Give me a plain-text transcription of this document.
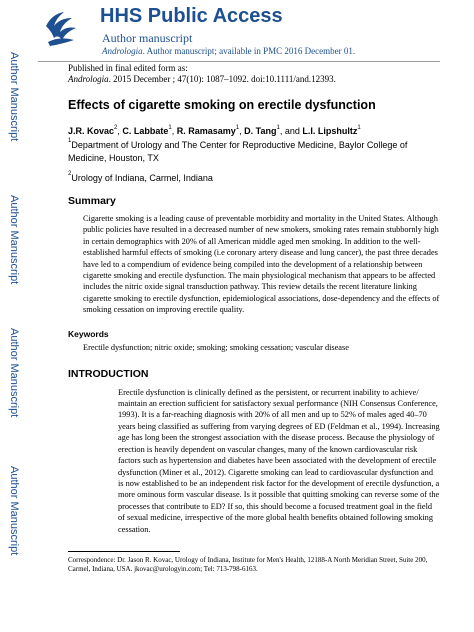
Author Manuscript
Author Manuscript
Author Manuscript
Author Manuscript
HHS Public Access
Author manuscript
Andrologia. Author manuscript; available in PMC 2016 December 01.
Published in final edited form as:
Andrologia. 2015 December ; 47(10): 1087–1092. doi:10.1111/and.12393.
Effects of cigarette smoking on erectile dysfunction
J.R. Kovac$^2$, C. Labbate$^1$, R. Ramasamy$^1$, D. Tang$^1$, and L.I. Lipshultz$^1$
$^1$Department of Urology and The Center for Reproductive Medicine, Baylor College of Medicine, Houston, TX
$^2$Urology of Indiana, Carmel, Indiana
Summary
Cigarette smoking is a leading cause of preventable morbidity and mortality in the United States. Although public policies have resulted in a decreased number of new smokers, smoking rates remain stubbornly high in certain demographics with 20% of all American middle aged men smoking. In addition to the well-established harmful effects of smoking (i.e coronary artery disease and lung cancer), the past three decades have led to a compendium of evidence being compiled into the development of a relationship between cigarette smoking and erectile dysfunction. The main physiological mechanism that appears to be affected includes the nitric oxide signal transduction pathway. This review details the recent literature linking cigarette smoking to erectile dysfunction, epidemiological associations, dose-dependency and the effects of smoking cessation on improving erectile quality.
Keywords
Erectile dysfunction; nitric oxide; smoking; smoking cessation; vascular disease
INTRODUCTION
Erectile dysfunction is clinically defined as the persistent, or recurrent inability to achieve/ maintain an erection sufficient for satisfactory sexual performance (NIH Consensus Conference, 1993). It is a far-reaching diagnosis with 20% of all men and up to 52% of males aged 40–70 years being classified as suffering from varying degrees of ED (Feldman et al., 1994). Increasing age has long been the strongest association with the disease process. Because the physiology of erection is heavily dependent on vascular changes, many of the known cardiovascular risk factors such as hypertension and diabetes have been associated with the development of erectile dysfunction (Miner et al., 2012). Cigarette smoking can lead to cardiovascular dysfunction and is now established to be an independent risk factor for the development of erectile dysfunction, a more ominous form vascular disease. Is it possible that quitting smoking can reverse some of the processes that contribute to ED? If so, this should become a focused treatment goal in the field of sexual medicine, irrespective of the more global health benefits obtained following smoking cessation.
Correspondence: Dr. Jason R. Kovac, Urology of Indiana, Institute for Men's Health, 12188-A North Meridian Street, Suite 200, Carmel, Indiana, USA. jkovac@urologyin.com; Tel: 713-798-6163.
